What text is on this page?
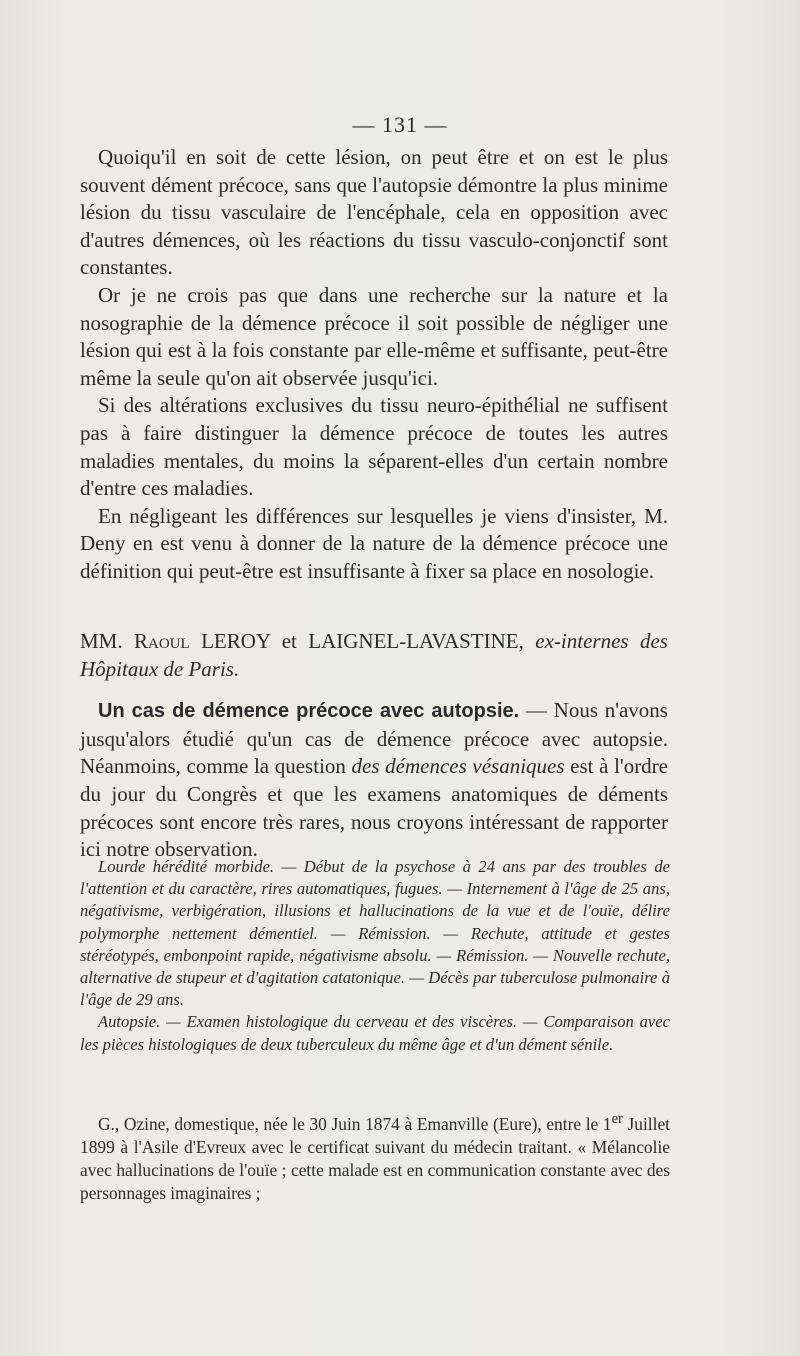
— 131 —

Quoiqu'il en soit de cette lésion, on peut être et on est le plus souvent dément précoce, sans que l'autopsie démontre la plus minime lésion du tissu vasculaire de l'encéphale, cela en opposition avec d'autres démences, où les réactions du tissu vasculo-conjonctif sont constantes.

Or je ne crois pas que dans une recherche sur la nature et la nosographie de la démence précoce il soit possible de négliger une lésion qui est à la fois constante par elle-même et suffisante, peut-être même la seule qu'on ait observée jusqu'ici.

Si des altérations exclusives du tissu neuro-épithélial ne suffisent pas à faire distinguer la démence précoce de toutes les autres maladies mentales, du moins la séparent-elles d'un certain nombre d'entre ces maladies.

En négligeant les différences sur lesquelles je viens d'insister, M. Deny en est venu à donner de la nature de la démence précoce une définition qui peut-être est insuffisante à fixer sa place en nosologie.

MM. Raoul LEROY et LAIGNEL-LAVASTINE, ex-internes des Hôpitaux de Paris.

Un cas de démence précoce avec autopsie. — Nous n'avons jusqu'alors étudié qu'un cas de démence précoce avec autopsie. Néanmoins, comme la question des démences vésaniques est à l'ordre du jour du Congrès et que les examens anatomiques de déments précoces sont encore très rares, nous croyons intéressant de rapporter ici notre observation.

Lourde hérédité morbide. — Début de la psychose à 24 ans par des troubles de l'attention et du caractère, rires automatiques, fugues. — Internement à l'âge de 25 ans, négativisme, verbigération, illusions et hallucinations de la vue et de l'ouïe, délire polymorphe nettement démentiel. — Rémission. — Rechute, attitude et gestes stéréotypés, embonpoint rapide, négativisme absolu. — Rémission. — Nouvelle rechute, alternative de stupeur et d'agitation catatonique. — Décès par tuberculose pulmonaire à l'âge de 29 ans.

Autopsie. — Examen histologique du cerveau et des viscères. — Comparaison avec les pièces histologiques de deux tuberculeux du même âge et d'un dément sénile.

G., Ozine, domestique, née le 30 Juin 1874 à Emanville (Eure), entre le 1er Juillet 1899 à l'Asile d'Evreux avec le certificat suivant du médecin traitant. « Mélancolie avec hallucinations de l'ouïe ; cette malade est en communication constante avec des personnages imaginaires ;
